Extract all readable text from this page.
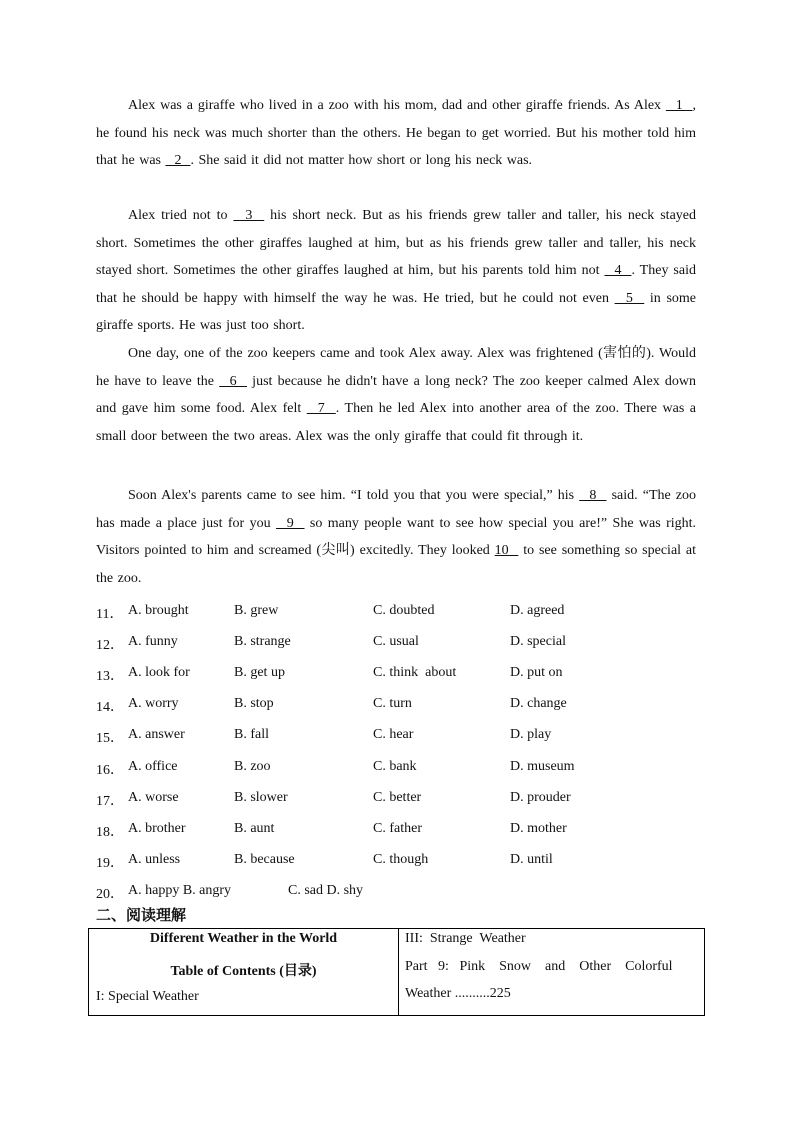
Alex was a giraffe who lived in a zoo with his mom, dad and other giraffe friends. As Alex   1  , he found his neck was much shorter than the others. He began to get worried. But his mother told him that he was   2  . She said it did not matter how short or long his neck was.
Alex tried not to   3   his short neck. But as his friends grew taller and taller, his neck stayed short. Sometimes the other giraffes laughed at him, but as his friends grew taller and taller, his neck stayed short. Sometimes the other giraffes laughed at him, but his parents told him not   4  . They said that he should be happy with himself the way he was. He tried, but he could not even   5   in some giraffe sports. He was just too short.
One day, one of the zoo keepers came and took Alex away. Alex was frightened (害怕的). Would he have to leave the   6   just because he didn't have a long neck? The zoo keeper calmed Alex down and gave him some food. Alex felt   7  . Then he led Alex into another area of the zoo. There was a small door between the two areas. Alex was the only giraffe that could fit through it.
Soon Alex's parents came to see him. “I told you that you were special,” his   8   said. “The zoo has made a place just for you   9   so many people want to see how special you are!” She was right. Visitors pointed to him and screamed (尖叫) excitedly. They looked 10   to see something so special at the zoo.
11． A. brought	B. grew	C. doubted	D. agreed
12． A. funny	B. strange	C. usual	D. special
13． A. look for	B. get up	C. think  about	D. put on
14． A. worry	B. stop	C. turn	D. change
15． A. answer	B. fall	C. hear	D. play
16． A. office	B. zoo	C. bank	D. museum
17． A. worse	B. slower	C. better	D. prouder
18． A. brother	B. aunt	C. father	D. mother
19． A. unless	B. because	C. though	D. until
20． A. happy B. angry	C. sad D. shy
二、阅读理解
Different Weather in the World
Table of Contents (目录)
I: Special Weather

III:  Strange  Weather
Part   9:   Pink    Snow    and    Other    Colorful
Weather ..........225
